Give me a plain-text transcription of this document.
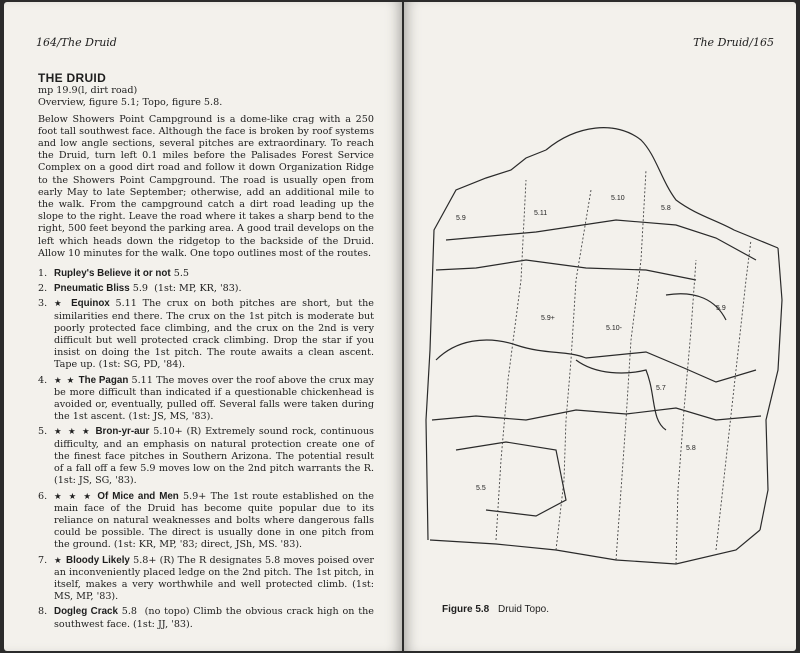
164/The Druid
THE DRUID

mp 19.9(l, dirt road)

Overview, figure 5.1; Topo, figure 5.8.

Below Showers Point Campground is a dome-like crag with a 250 foot tall southwest face. Although the face is broken by roof systems and low angle sections, several pitches are extraordinary. To reach the Druid, turn left 0.1 miles before the Palisades Forest Service Complex on a good dirt road and follow it down Organization Ridge to the Showers Point Campground. The road is usually open from early May to late September; otherwise, add an additional mile to the walk. From the campground catch a dirt road leading up the slope to the right. Leave the road where it takes a sharp bend to the right, 500 feet beyond the parking area. A good trail develops on the left which heads down the ridgetop to the backside of the Druid. Allow 10 minutes for the walk. One topo outlines most of the routes.

1. Rupley's Believe it or not 5.5
2. Pneumatic Bliss 5.9 (1st: MP, KR, '83).
3. ★ Equinox 5.11 The crux on both pitches are short, but the similarities end there. The crux on the 1st pitch is moderate but poorly protected face climbing, and the crux on the 2nd is very difficult but well protected crack climbing. Drop the star if you insist on doing the 1st pitch. The route awaits a clean ascent. Tape up. (1st: SG, PD, '84).
4. ★ ★ The Pagan 5.11 The moves over the roof above the crux may be more difficult than indicated if a questionable chickenhead is avoided or, eventually, pulled off. Several falls were taken during the 1st ascent. (1st: JS, MS, '83).
5. ★ ★ ★ Bron-yr-aur 5.10+ (R) Extremely sound rock, continuous difficulty, and an emphasis on natural protection create one of the finest face pitches in Southern Arizona. The potential result of a fall off a few 5.9 moves low on the 2nd pitch warrants the R. (1st: JS, SG, '83).
6. ★ ★ ★ Of Mice and Men 5.9+ The 1st route established on the main face of the Druid has become quite popular due to its reliance on natural weaknesses and bolts where dangerous falls could be possible. The direct is usually done in one pitch from the ground. (1st: KR, MP, '83; direct, JSh, MS. '83).
7. ★ Bloody Likely 5.8+ (R) The R designates 5.8 moves poised over an inconveniently placed ledge on the 2nd pitch. The 1st pitch, in itself, makes a very worthwhile and well protected climb. (1st: MS, MP, '83).
8. Dogleg Crack 5.8 (no topo) Climb the obvious crack high on the southwest face. (1st: JJ, '83).
The Druid/165
5.9
5.11
5.10
5.8
5.9+
5.10-
5.7
5.5
5.8
5.9
Figure 5.8 Druid Topo.
